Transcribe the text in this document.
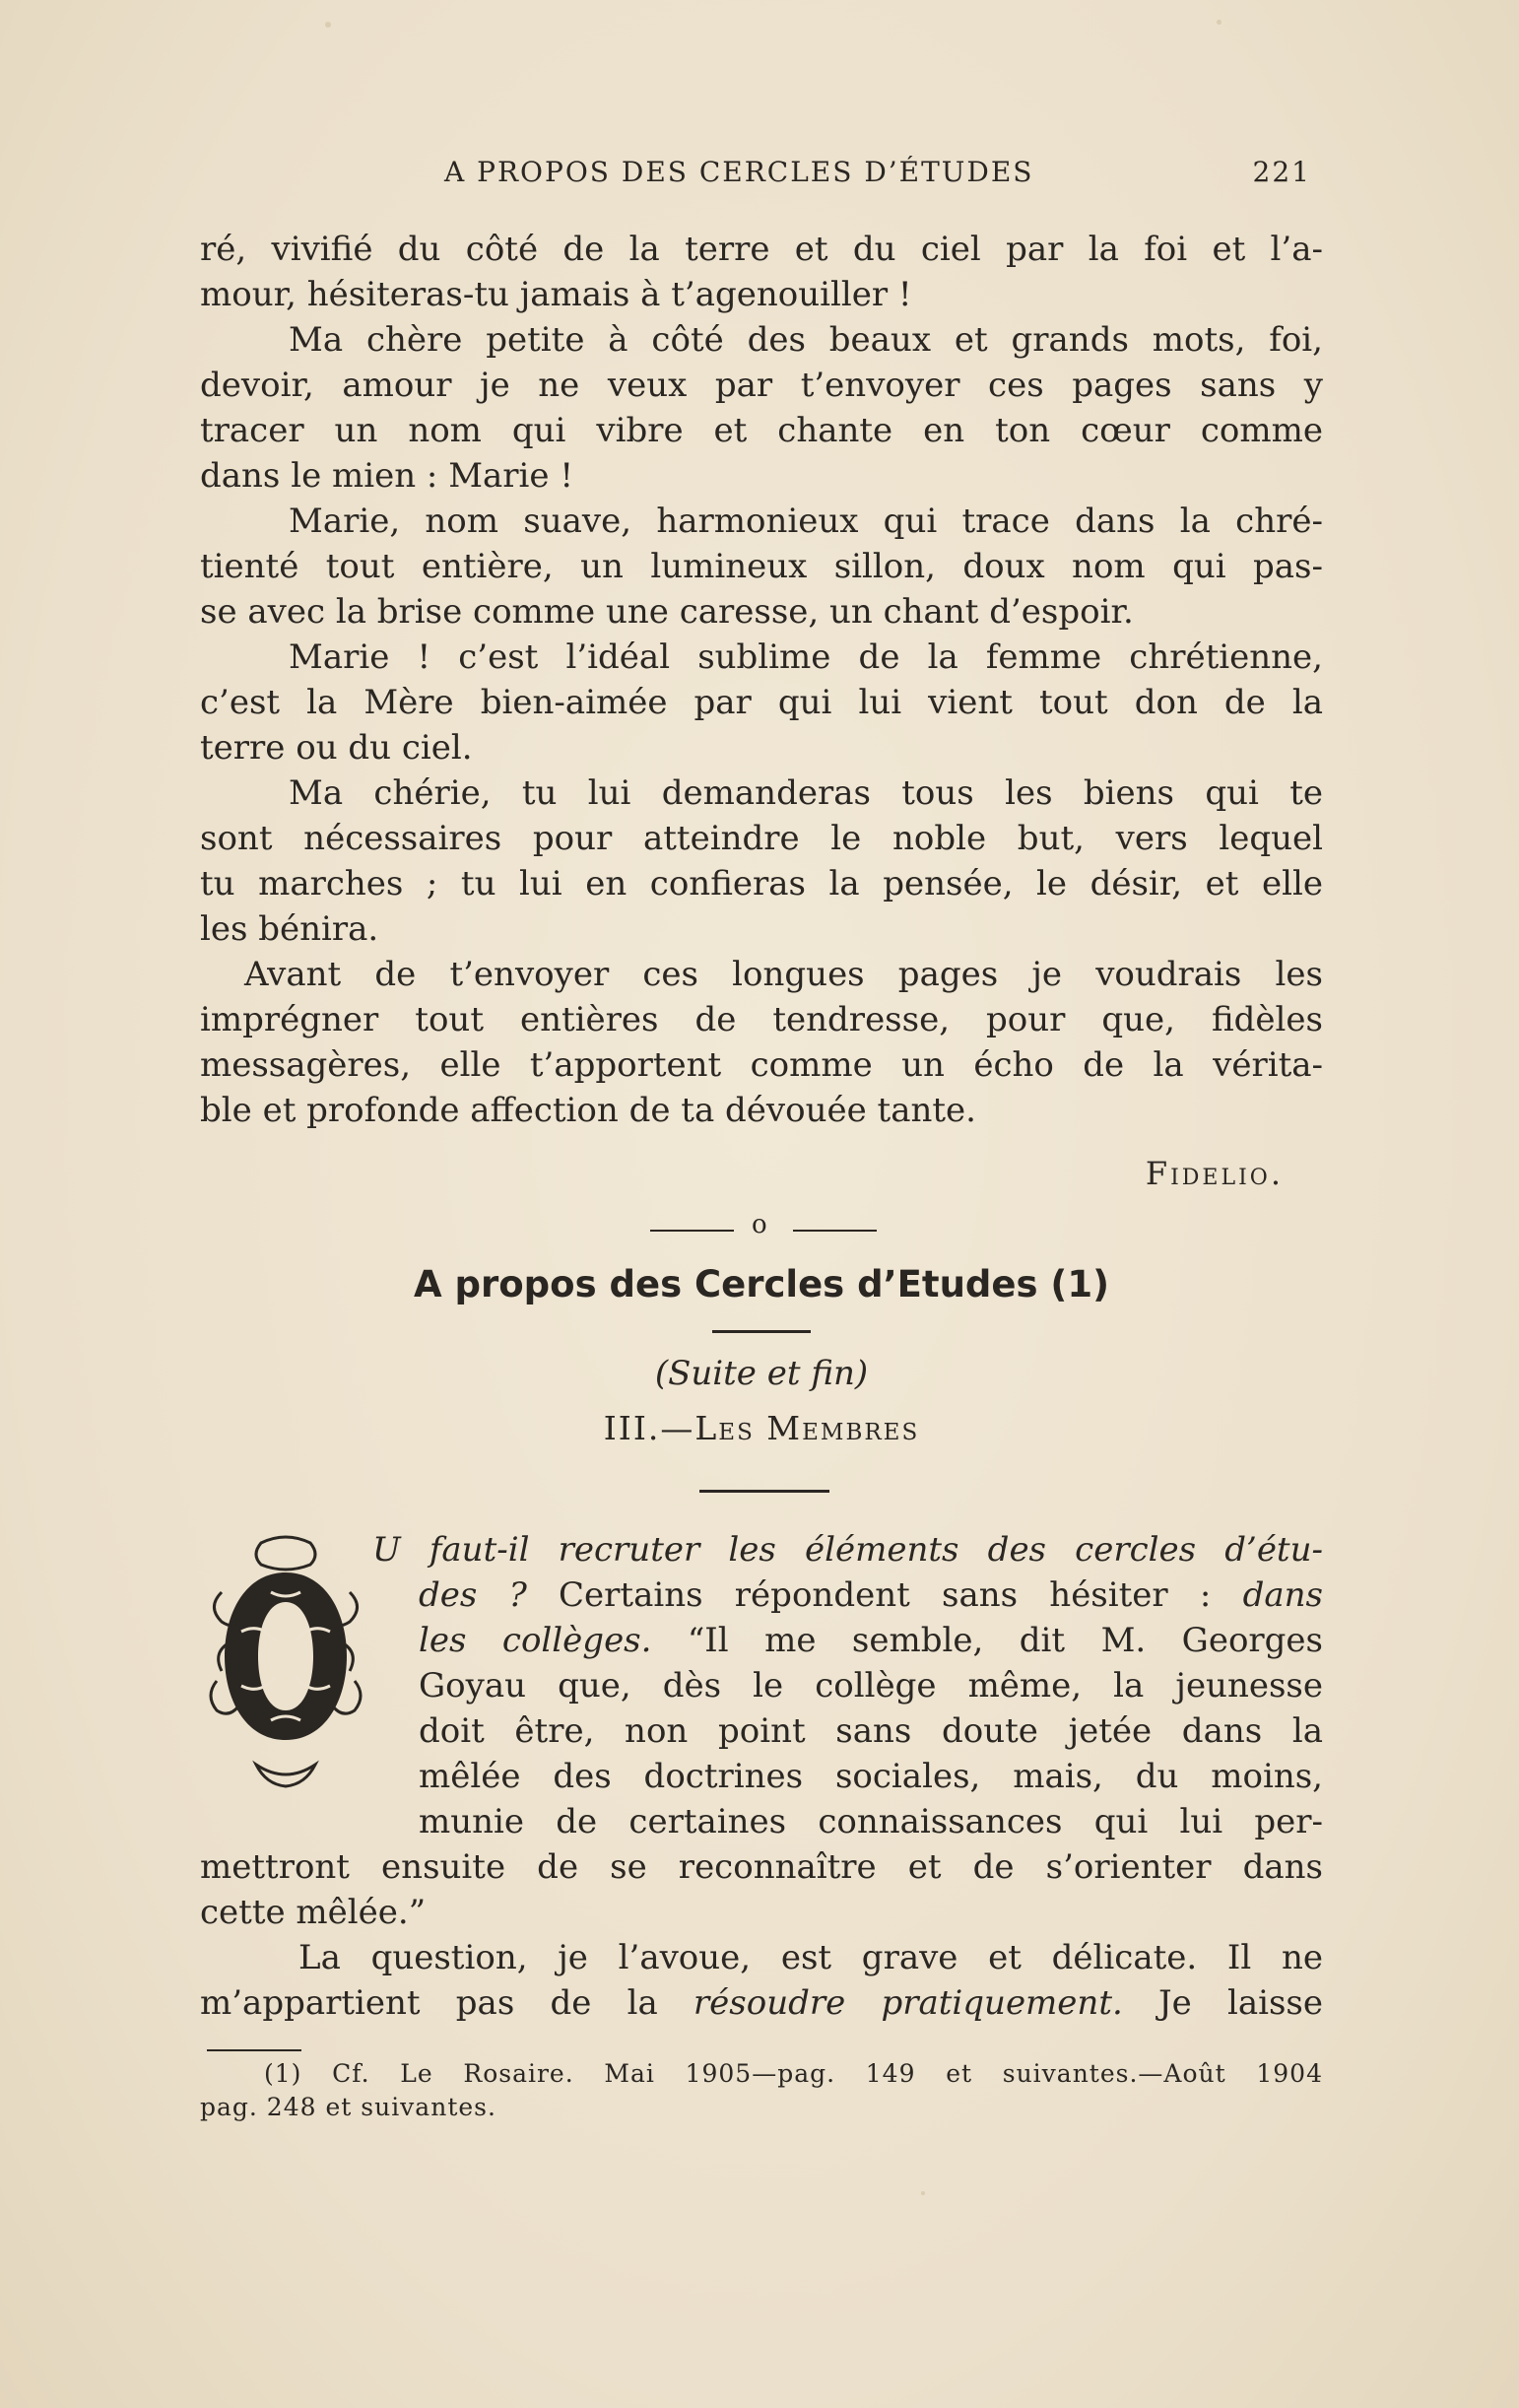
A PROPOS DES CERCLES D’ÉTUDES	221
ré, vivifié du côté de la terre et du ciel par la foi et l’a-
mour, hésiteras-tu jamais à t’agenouiller !
Ma chère petite à côté des beaux et grands mots, foi,
devoir, amour je ne veux par t’envoyer ces pages sans y
tracer un nom qui vibre et chante en ton cœur comme
dans le mien : Marie !
Marie, nom suave, harmonieux qui trace dans la chré-
tienté tout entière, un lumineux sillon, doux nom qui pas-
se avec la brise comme une caresse, un chant d’espoir.
Marie ! c’est l’idéal sublime de la femme chrétienne,
c’est la Mère bien-aimée par qui lui vient tout don de la
terre ou du ciel.
Ma chérie, tu lui demanderas tous les biens qui te
sont nécessaires pour atteindre le noble but, vers lequel
tu marches ; tu lui en confieras la pensée, le désir, et elle
les bénira.
Avant de t’envoyer ces longues pages je voudrais les
imprégner tout entières de tendresse, pour que, fidèles
messagères, elle t’apportent comme un écho de la vérita-
ble et profonde affection de ta dévouée tante.
Fidelio.
o
A propos des Cercles d’Etudes (1)
(Suite et fin)
III.—Les Membres
O
U faut-il recruter les éléments des cercles d’étu-
des ? Certains répondent sans hésiter : dans
les collèges. “Il me semble, dit M. Georges
Goyau que, dès le collège même, la jeunesse
doit être, non point sans doute jetée dans la
mêlée des doctrines sociales, mais, du moins,
munie de certaines connaissances qui lui per-
mettront ensuite de se reconnaître et de s’orienter dans
cette mêlée.”
La question, je l’avoue, est grave et délicate. Il ne
m’appartient pas de la résoudre pratiquement. Je laisse
(1) Cf. Le Rosaire. Mai 1905—pag. 149 et suivantes.—Août 1904
pag. 248 et suivantes.
